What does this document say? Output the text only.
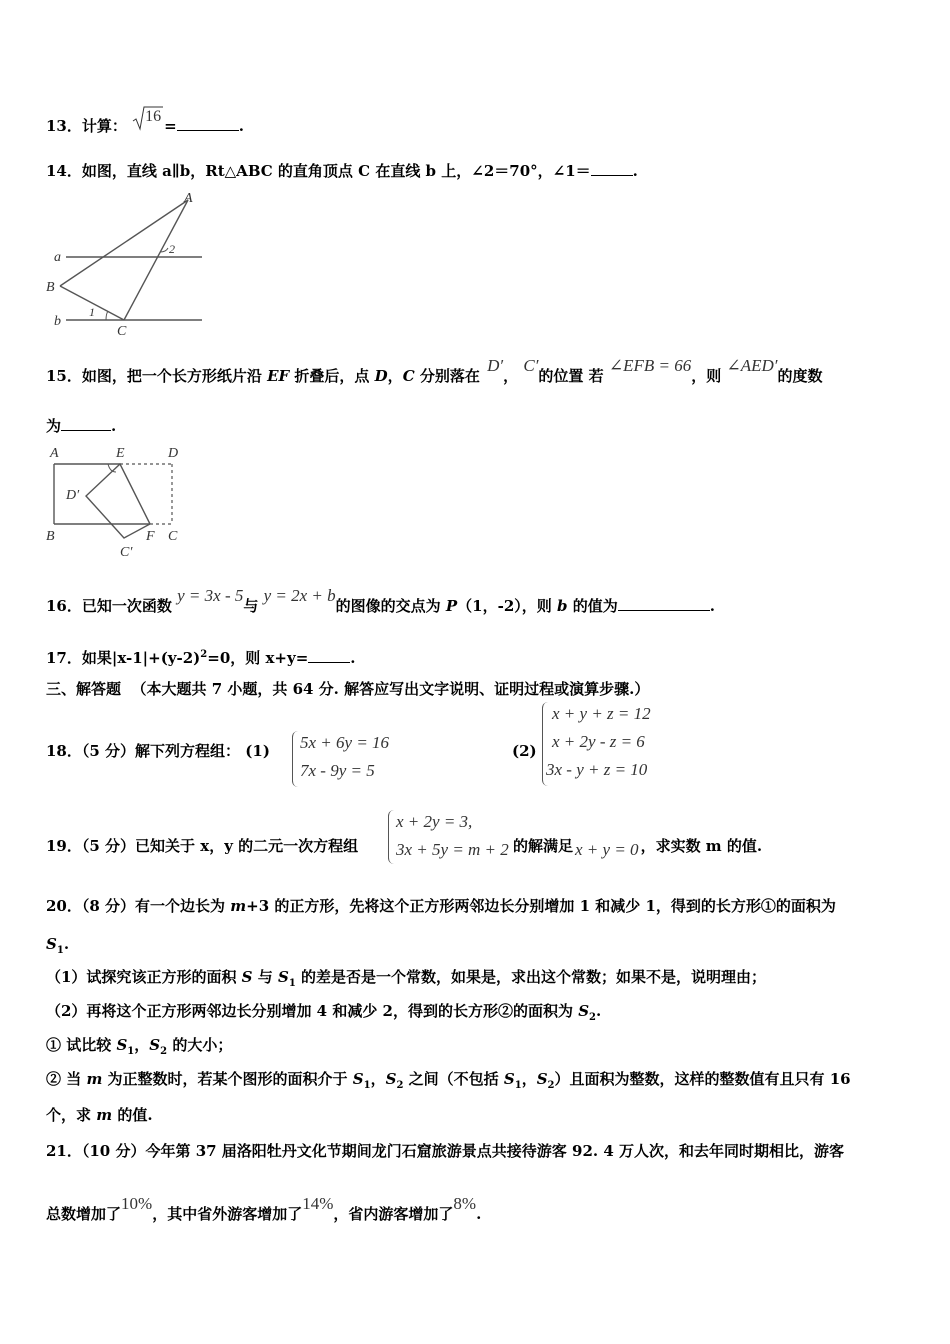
13．计算：
16
=	.
14．如图，直线 a∥b，Rt△ABC 的直角顶点 C 在直线 b 上，∠2＝70°，∠1＝	.
A
a
B
b
C
1
2
15．如图，把一个长方形纸片沿 EF 折叠后，点 D，C 分别落在 D′， C′的位置 若 ∠EFB = 66，则 ∠AED′的度数
为	.
A	E	D
D′
B	F C
C′
16．已知一次函数 y = 3x - 5与 y = 2x + b的图像的交点为 P（1，-2），则 b 的值为	.
17．如果$|x-1|+(y-2)^2=0$，则 x+y=	.
三、解答题 （本大题共 7 小题，共 64 分. 解答应写出文字说明、证明过程或演算步骤.）
18．（5 分）解下列方程组： (1) 5x + 6y = 16
7x - 9y = 5
(2)
x + y + z = 12
x + 2y - z = 6
3x - y + z = 10
19．（5 分）已知关于 x，y 的二元一次方程组
x + 2y = 3,
3x + 5y = m + 2 的解满足 x + y = 0 ，求实数 m 的值.
20．（8 分）有一个边长为 m+3 的正方形，先将这个正方形两邻边长分别增加 1 和减少 1，得到的长方形①的面积为
$S_1$.
（1）试探究该正方形的面积 S 与 $S_1$ 的差是否是一个常数，如果是，求出这个常数；如果不是，说明理由；
（2）再将这个正方形两邻边长分别增加 4 和减少 2，得到的长方形②的面积为 $S_2$.
① 试比较 $S_1$，$S_2$ 的大小；
② 当 m 为正整数时，若某个图形的面积介于 $S_1$，$S_2$ 之间（不包括 $S_1$，$S_2$）且面积为整数，这样的整数值有且只有 16
个，求 m 的值.
21．（10 分）今年第 37 届洛阳牡丹文化节期间龙门石窟旅游景点共接待游客 92. 4 万人次，和去年同时期相比，游客
总数增加了10%，其中省外游客增加了14%，省内游客增加了8%.
